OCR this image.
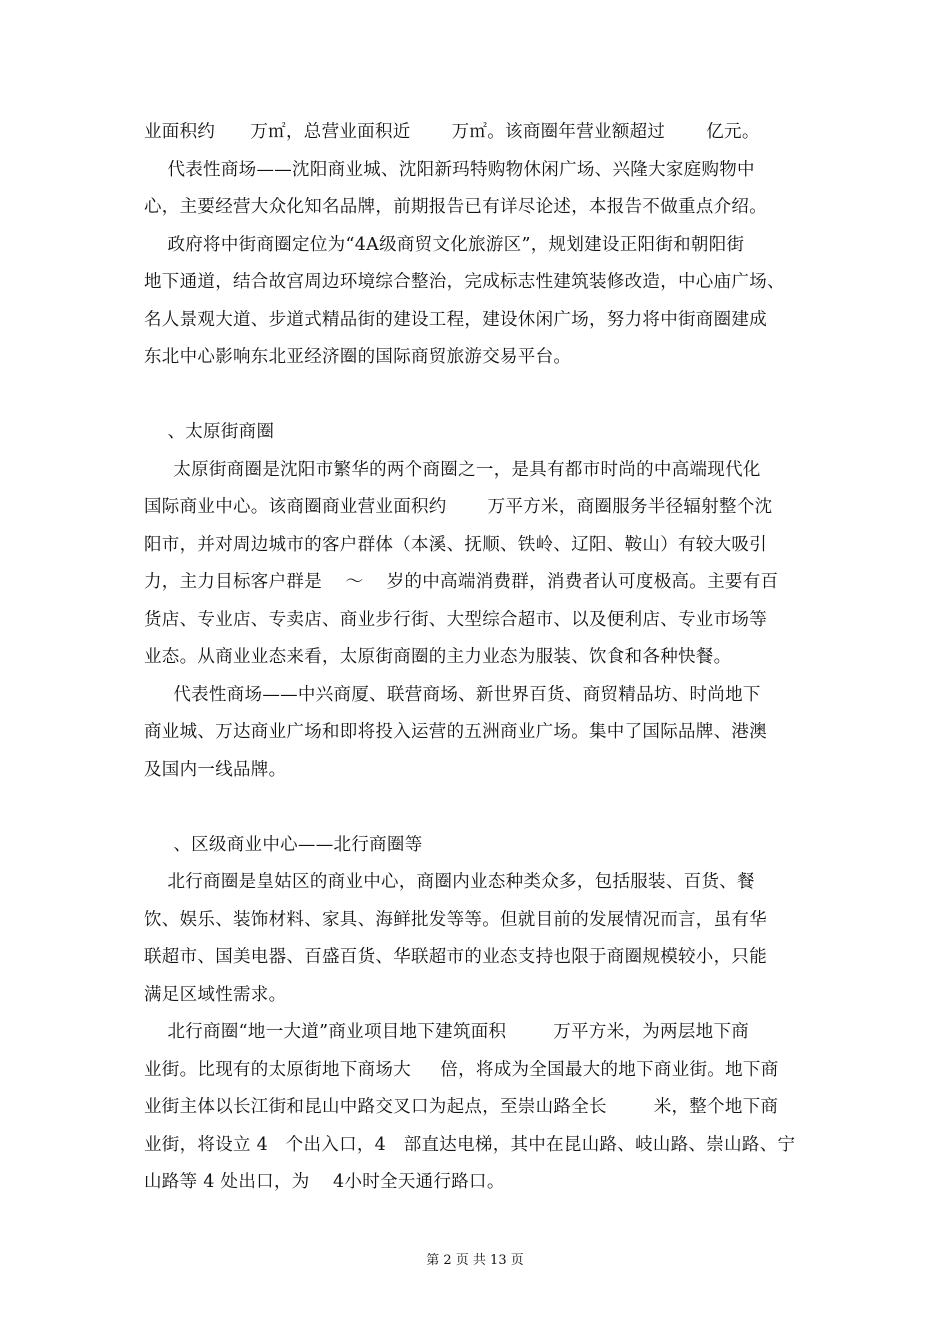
业面积约      万㎡，总营业面积近       万㎡。该商圈年营业额超过       亿元。
代表性商场——沈阳商业城、沈阳新玛特购物休闲广场、兴隆大家庭购物中
心，主要经营大众化知名品牌，前期报告已有详尽论述，本报告不做重点介绍。
政府将中街商圈定位为“4A级商贸文化旅游区”，规划建设正阳街和朝阳街
地下通道，结合故宫周边环境综合整治，完成标志性建筑装修改造，中心庙广场、
名人景观大道、步道式精品街的建设工程，建设休闲广场，努力将中街商圈建成
东北中心影响东北亚经济圈的国际商贸旅游交易平台。
、太原街商圈
太原街商圈是沈阳市繁华的两个商圈之一，是具有都市时尚的中高端现代化
国际商业中心。该商圈商业营业面积约       万平方米，商圈服务半径辐射整个沈
阳市，并对周边城市的客户群体（本溪、抚顺、铁岭、辽阳、鞍山）有较大吸引
力，主力目标客户群是    ～    岁的中高端消费群，消费者认可度极高。主要有百
货店、专业店、专卖店、商业步行街、大型综合超市、以及便利店、专业市场等
业态。从商业业态来看，太原街商圈的主力业态为服装、饮食和各种快餐。
代表性商场——中兴商厦、联营商场、新世界百货、商贸精品坊、时尚地下
商业城、万达商业广场和即将投入运营的五洲商业广场。集中了国际品牌、港澳
及国内一线品牌。
、区级商业中心——北行商圈等
北行商圈是皇姑区的商业中心，商圈内业态种类众多，包括服装、百货、餐
饮、娱乐、装饰材料、家具、海鲜批发等等。但就目前的发展情况而言，虽有华
联超市、国美电器、百盛百货、华联超市的业态支持也限于商圈规模较小，只能
满足区域性需求。
北行商圈“地一大道”商业项目地下建筑面积        万平方米，为两层地下商
业街。比现有的太原街地下商场大     倍，将成为全国最大的地下商业街。地下商
业街主体以长江街和昆山中路交叉口为起点，至崇山路全长        米，整个地下商
业街，将设立 4   个出入口，4   部直达电梯，其中在昆山路、岐山路、崇山路、宁
山路等 4 处出口，为    4小时全天通行路口。
第 2 页 共 13 页
